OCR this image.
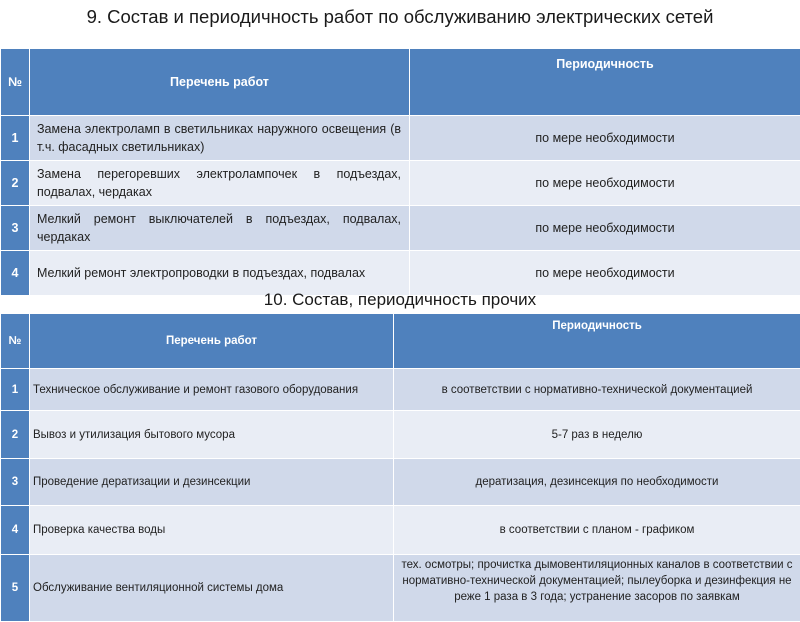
9. Состав и периодичность работ по обслуживанию электрических сетей
№	Перечень работ	Периодичность
1	Замена электроламп в светильниках наружного освещения (в т.ч. фасадных светильниках)	по мере необходимости
2	Замена перегоревших электролампочек в подъездах, подвалах, чердаках	по мере необходимости
3	Мелкий ремонт выключателей в подъездах, подвалах, чердаках	по мере необходимости
4	Мелкий ремонт электропроводки в подъездах, подвалах	по мере необходимости
10. Состав, периодичность прочих
№	Перечень работ	Периодичность
1	Техническое обслуживание и ремонт газового оборудования	в соответствии с нормативно-технической документацией
2	Вывоз и утилизация бытового мусора	5-7 раз в неделю
3	Проведение дератизации и дезинсекции	дератизация, дезинсекция по необходимости
4	Проверка качества воды	в соответствии с планом - графиком
5	Обслуживание вентиляционной системы дома	тех. осмотры; прочистка дымовентиляционных каналов в соответствии с нормативно-технической документацией; пылеуборка и дезинфекция не реже 1 раза в 3 года; устранение засоров по заявкам
